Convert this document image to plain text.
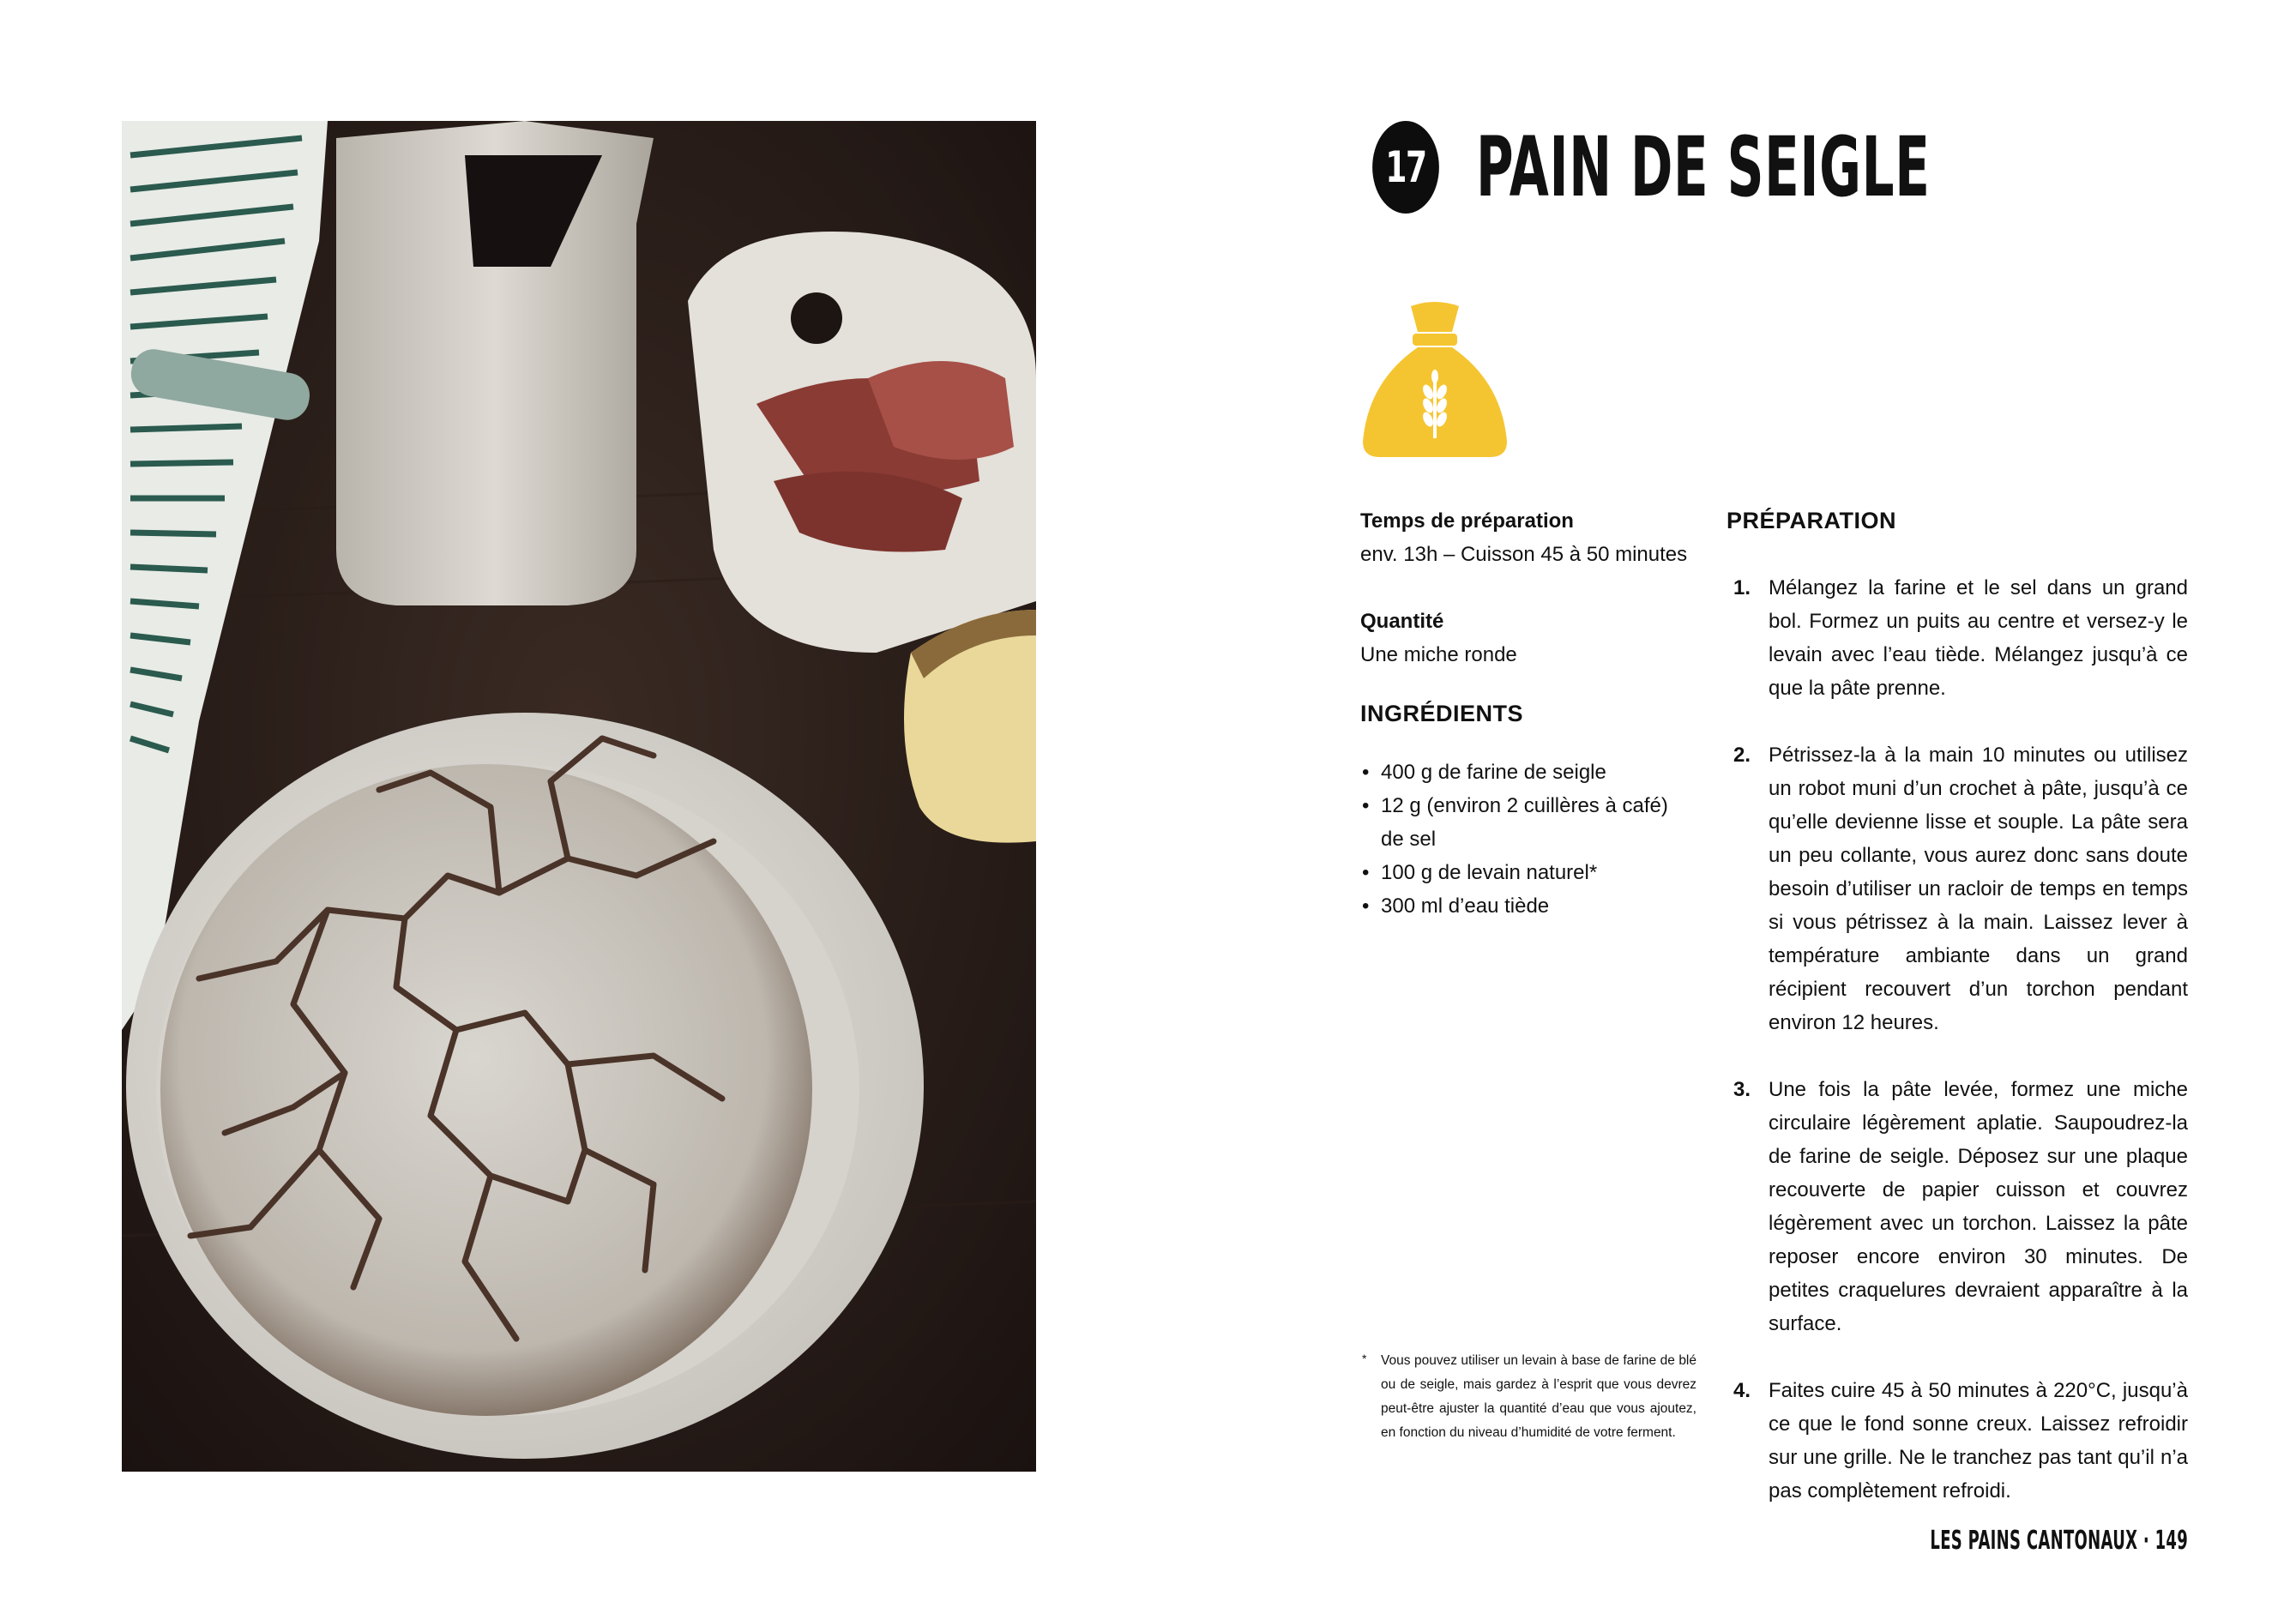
17 PAIN DE SEIGLE
Temps de préparation
env. 13h – Cuisson 45 à 50 minutes
Quantité
Une miche ronde
INGRÉDIENTS
• 400 g de farine de seigle
• 12 g (environ 2 cuillères à café) de sel
• 100 g de levain naturel*
• 300 ml d’eau tiède
* Vous pouvez utiliser un levain à base de farine de blé ou de seigle, mais gardez à l’esprit que vous devrez peut-être ajuster la quantité d’eau que vous ajoutez, en fonction du niveau d’humidité de votre ferment.
PRÉPARATION
1. Mélangez la farine et le sel dans un grand bol. Formez un puits au centre et versez-y le levain avec l’eau tiède. Mélangez jusqu’à ce que la pâte prenne.
2. Pétrissez-la à la main 10 minutes ou utilisez un robot muni d’un crochet à pâte, jusqu’à ce qu’elle devienne lisse et souple. La pâte sera un peu collante, vous aurez donc sans doute besoin d’utiliser un racloir de temps en temps si vous pétrissez à la main. Laissez lever à température ambiante dans un grand récipient recouvert d’un torchon pendant environ 12 heures.
3. Une fois la pâte levée, formez une miche circulaire légèrement aplatie. Saupoudrez-la de farine de seigle. Déposez sur une plaque recouverte de papier cuisson et couvrez légèrement avec un torchon. Laissez la pâte reposer encore environ 30 minutes. De petites craquelures devraient apparaître à la surface.
4. Faites cuire 45 à 50 minutes à 220°C, jusqu’à ce que le fond sonne creux. Laissez refroidir sur une grille. Ne le tranchez pas tant qu’il n’a pas complètement refroidi.
LES PAINS CANTONAUX · 149
